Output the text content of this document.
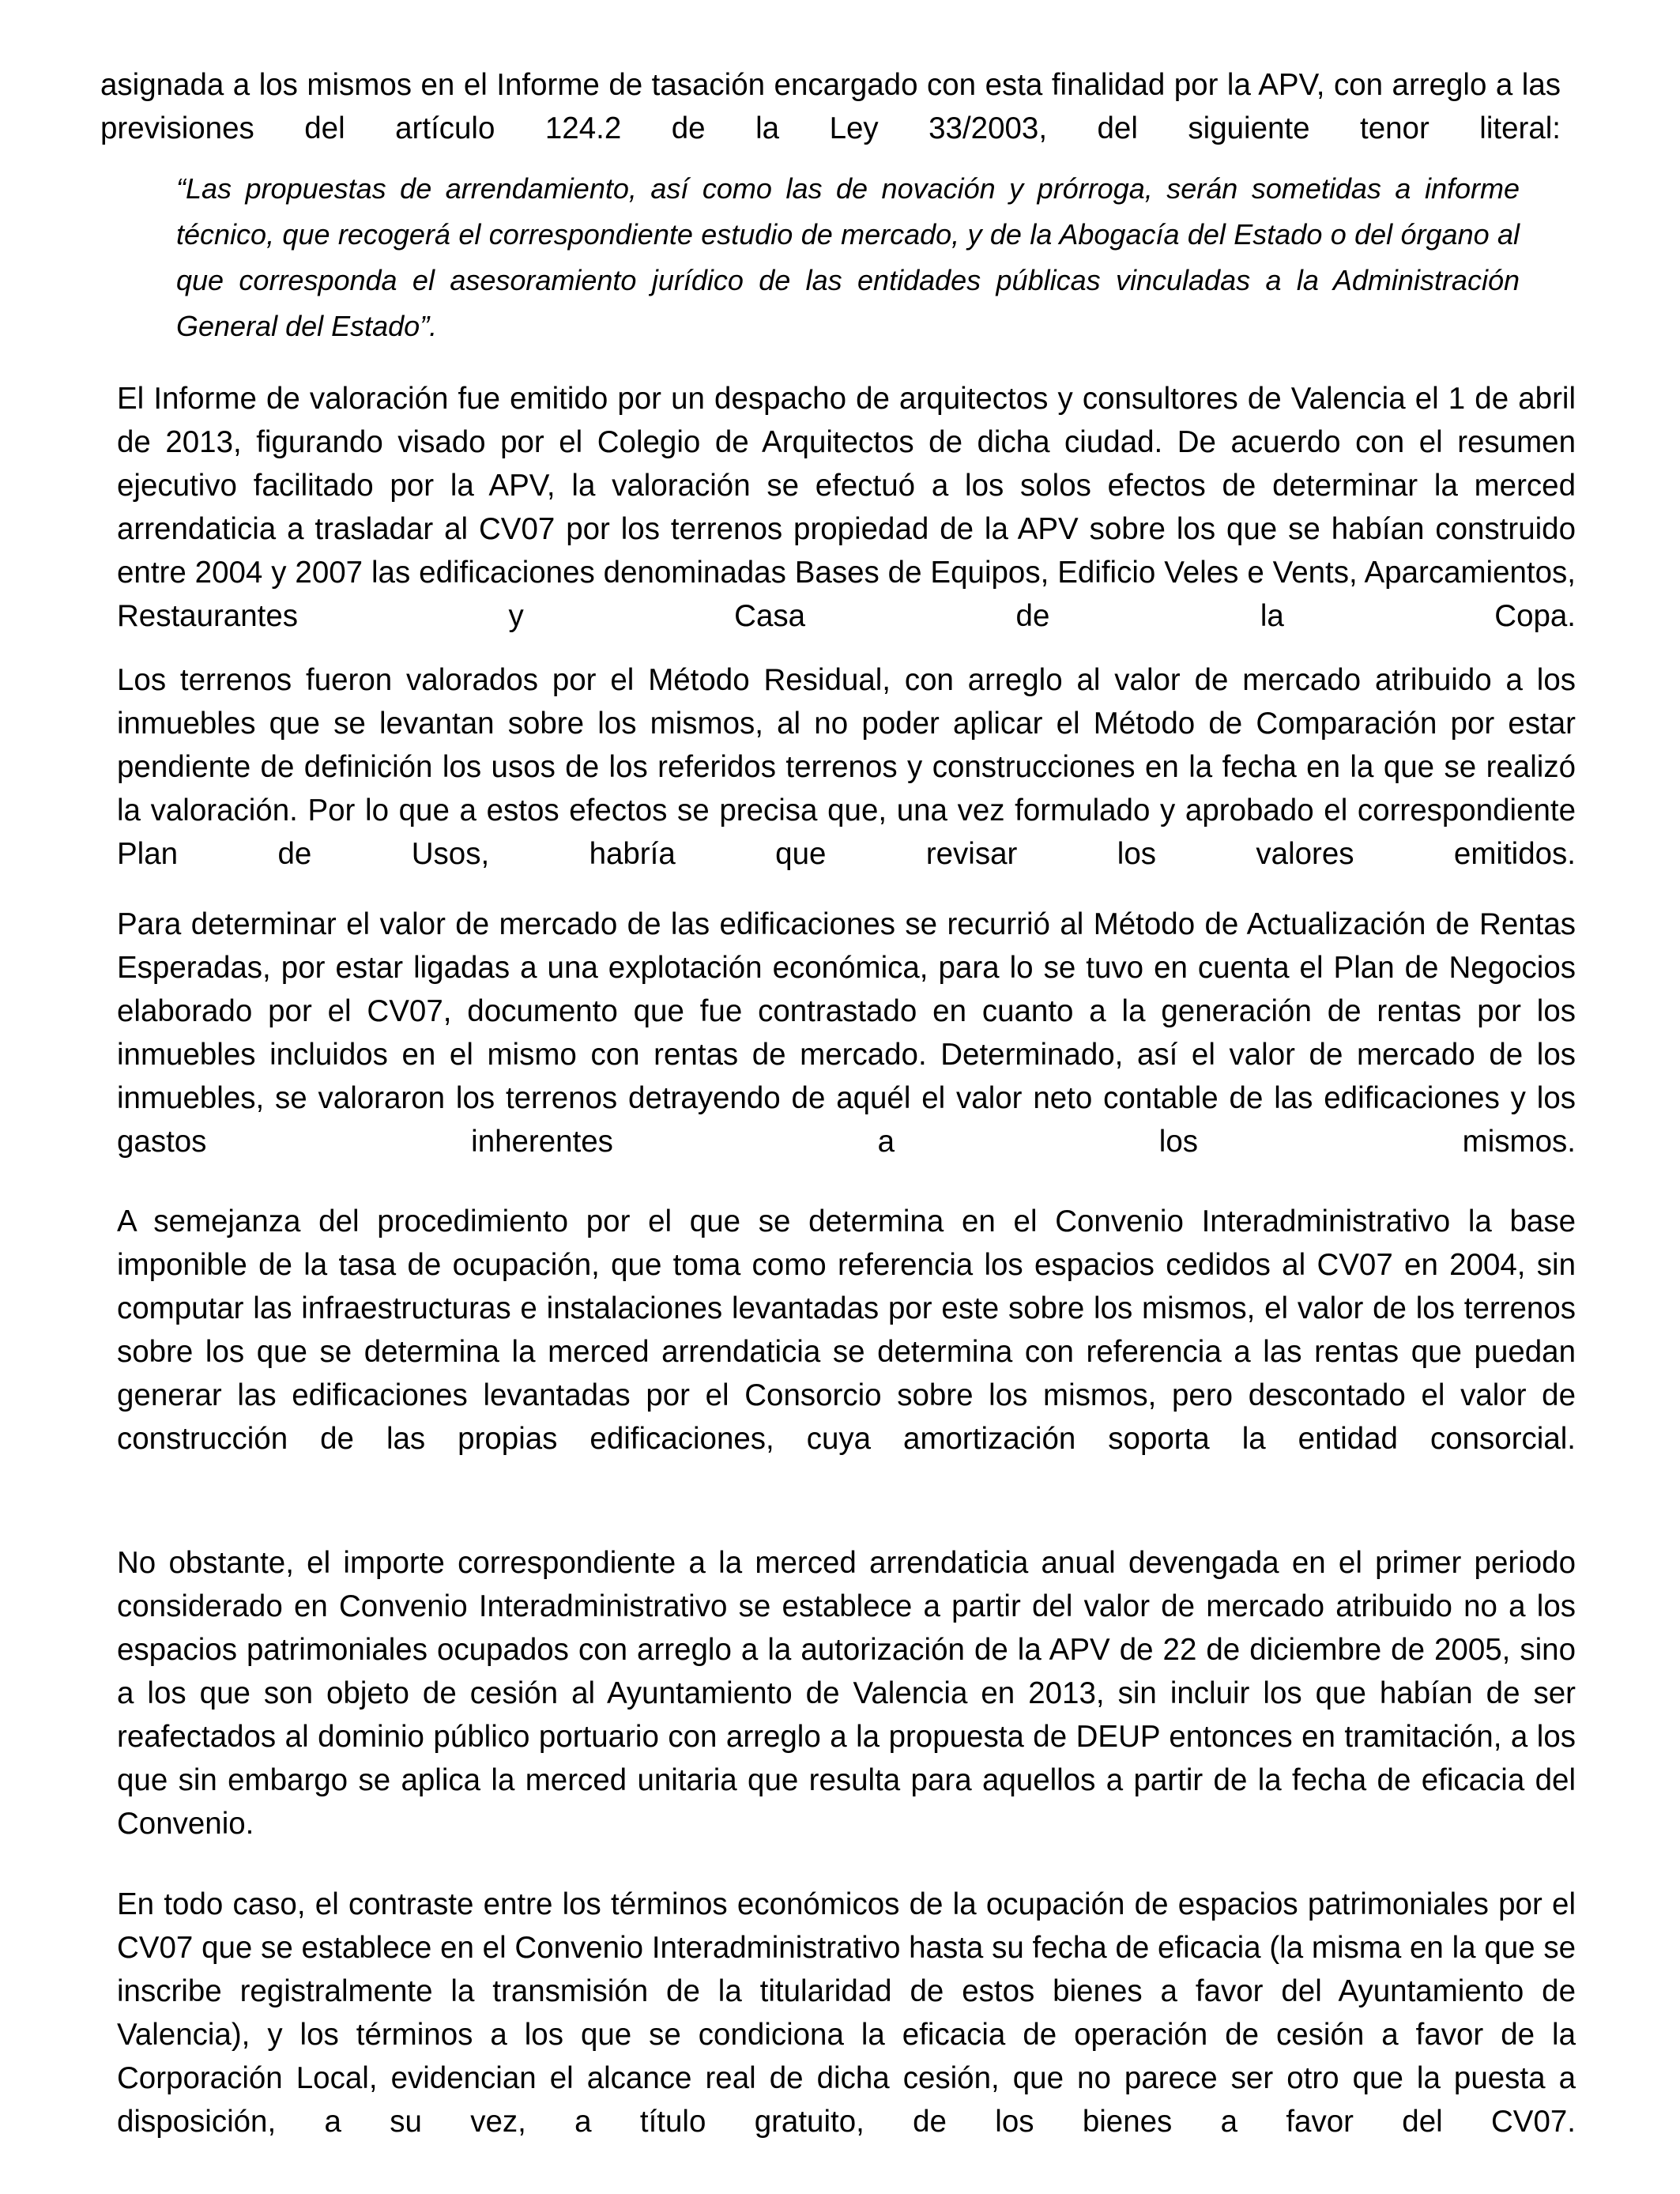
asignada a los mismos en el Informe de tasación encargado con esta finalidad por la APV, con arreglo a las previsiones del artículo 124.2 de la Ley 33/2003, del siguiente tenor literal:

“Las propuestas de arrendamiento, así como las de novación y prórroga, serán sometidas a informe técnico, que recogerá el correspondiente estudio de mercado, y de la Abogacía del Estado o del órgano al que corresponda el asesoramiento jurídico de las entidades públicas vinculadas a la Administración General del Estado”.

El Informe de valoración fue emitido por un despacho de arquitectos y consultores de Valencia el 1 de abril de 2013, figurando visado por el Colegio de Arquitectos de dicha ciudad. De acuerdo con el resumen ejecutivo facilitado por la APV, la valoración se efectuó a los solos efectos de determinar la merced arrendaticia a trasladar al CV07 por los terrenos propiedad de la APV sobre los que se habían construido entre 2004 y 2007 las edificaciones denominadas Bases de Equipos, Edificio Veles e Vents, Aparcamientos, Restaurantes y Casa de la Copa.

Los terrenos fueron valorados por el Método Residual, con arreglo al valor de mercado atribuido a los inmuebles que se levantan sobre los mismos, al no poder aplicar el Método de Comparación por estar pendiente de definición los usos de los referidos terrenos y construcciones en la fecha en la que se realizó la valoración. Por lo que a estos efectos se precisa que, una vez formulado y aprobado el correspondiente Plan de Usos, habría que revisar los valores emitidos.

Para determinar el valor de mercado de las edificaciones se recurrió al Método de Actualización de Rentas Esperadas, por estar ligadas a una explotación económica, para lo se tuvo en cuenta el Plan de Negocios elaborado por el CV07, documento que fue contrastado en cuanto a la generación de rentas por los inmuebles incluidos en el mismo con rentas de mercado. Determinado, así el valor de mercado de los inmuebles, se valoraron los terrenos detrayendo de aquél el valor neto contable de las edificaciones y los gastos inherentes a los mismos.

A semejanza del procedimiento por el que se determina en el Convenio Interadministrativo la base imponible de la tasa de ocupación, que toma como referencia los espacios cedidos al CV07 en 2004, sin computar las infraestructuras e instalaciones levantadas por este sobre los mismos, el valor de los terrenos sobre los que se determina la merced arrendaticia se determina con referencia a las rentas que puedan generar las edificaciones levantadas por el Consorcio sobre los mismos, pero descontado el valor de construcción de las propias edificaciones, cuya amortización soporta la entidad consorcial.

No obstante, el importe correspondiente a la merced arrendaticia anual devengada en el primer periodo considerado en Convenio Interadministrativo se establece a partir del valor de mercado atribuido no a los espacios patrimoniales ocupados con arreglo a la autorización de la APV de 22 de diciembre de 2005, sino a los que son objeto de cesión al Ayuntamiento de Valencia en 2013, sin incluir los que habían de ser reafectados al dominio público portuario con arreglo a la propuesta de DEUP entonces en tramitación, a los que sin embargo se aplica la merced unitaria que resulta para aquellos a partir de la fecha de eficacia del Convenio.

En todo caso, el contraste entre los términos económicos de la ocupación de espacios patrimoniales por el CV07 que se establece en el Convenio Interadministrativo hasta su fecha de eficacia (la misma en la que se inscribe registralmente la transmisión de la titularidad de estos bienes a favor del Ayuntamiento de Valencia), y los términos a los que se condiciona la eficacia de operación de cesión a favor de la Corporación Local, evidencian el alcance real de dicha cesión, que no parece ser otro que la puesta a disposición, a su vez, a título gratuito, de los bienes a favor del CV07.
